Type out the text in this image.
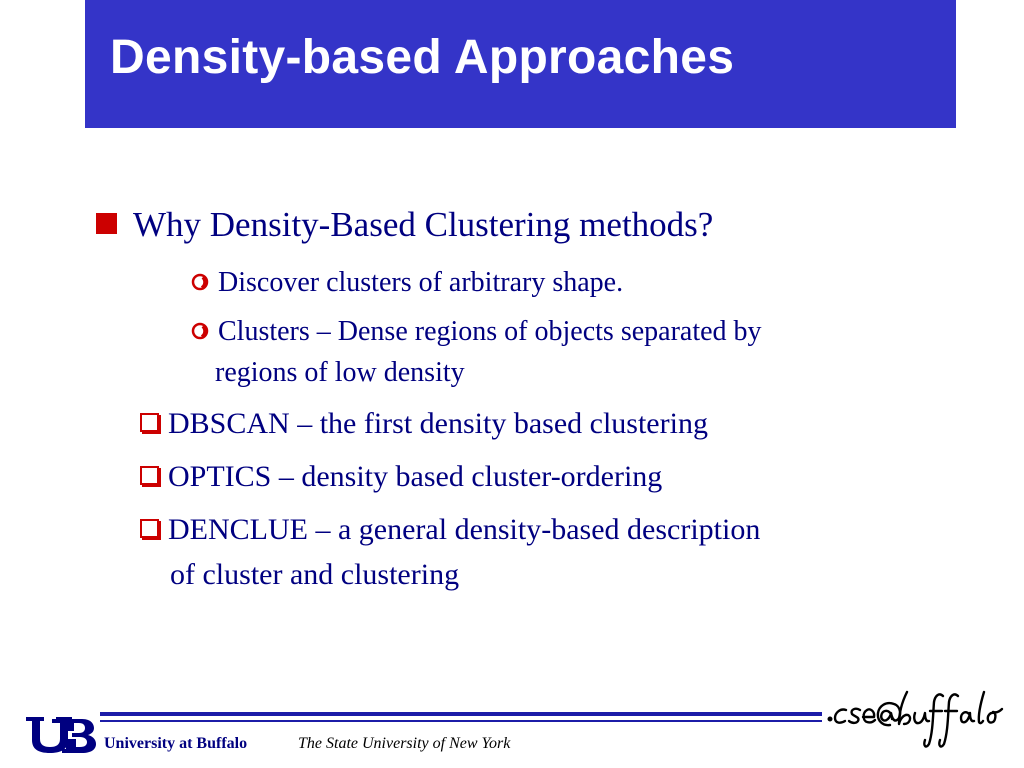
Density-based Approaches
Why Density-Based Clustering methods?
Discover clusters of arbitrary shape.
Clusters – Dense regions of objects separated by
regions of low density
DBSCAN – the first density based clustering
OPTICS – density based cluster-ordering
DENCLUE – a general density-based description
of cluster and clustering
University at Buffalo	The State University of New York
